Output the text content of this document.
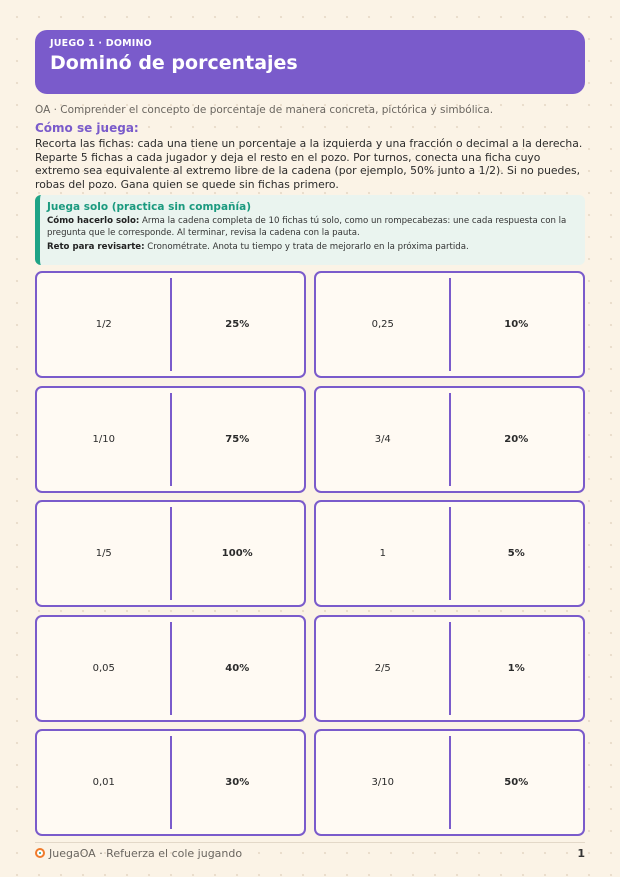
JUEGO 1 · DOMINO
Dominó de porcentajes
OA · Comprender el concepto de porcentaje de manera concreta, pictórica y simbólica.
Cómo se juega:
Recorta las fichas: cada una tiene un porcentaje a la izquierda y una fracción o decimal a la derecha. Reparte 5 fichas a cada jugador y deja el resto en el pozo. Por turnos, conecta una ficha cuyo extremo sea equivalente al extremo libre de la cadena (por ejemplo, 50% junto a 1/2). Si no puedes, robas del pozo. Gana quien se quede sin fichas primero.
Juega solo (practica sin compañía)
Cómo hacerlo solo: Arma la cadena completa de 10 fichas tú solo, como un rompecabezas: une cada respuesta con la pregunta que le corresponde. Al terminar, revisa la cadena con la pauta.
Reto para revisarte: Cronométrate. Anota tu tiempo y trata de mejorarlo en la próxima partida.
1/2	25%	0,25	10%
1/10	75%	3/4	20%
1/5	100%	1	5%
0,05	40%	2/5	1%
0,01	30%	3/10	50%
JuegaOA · Refuerza el cole jugando	1
